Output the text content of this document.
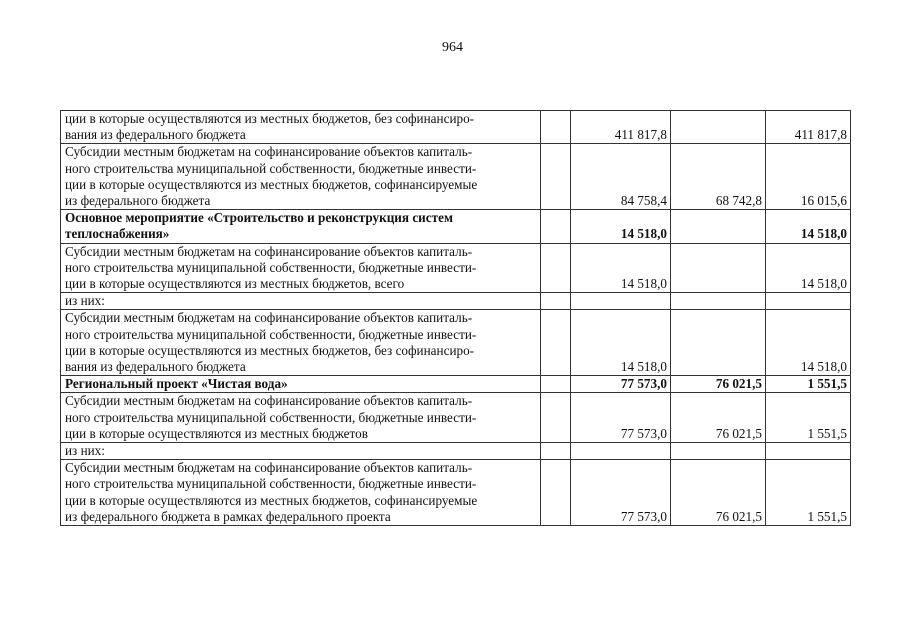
964
ции в которые осуществляются из местных бюджетов, без софинансиро-
вания из федерального бюджета		411 817,8		411 817,8

Субсидии местным бюджетам на софинансирование объектов капиталь-
ного строительства муниципальной собственности, бюджетные инвести-
ции в которые осуществляются из местных бюджетов, софинансируемые
из федерального бюджета		84 758,4	68 742,8	16 015,6

Основное мероприятие «Строительство и реконструкция систем
теплоснабжения»		14 518,0		14 518,0

Субсидии местным бюджетам на софинансирование объектов капиталь-
ного строительства муниципальной собственности, бюджетные инвести-
ции в которые осуществляются из местных бюджетов, всего		14 518,0		14 518,0

из них:				

Субсидии местным бюджетам на софинансирование объектов капиталь-
ного строительства муниципальной собственности, бюджетные инвести-
ции в которые осуществляются из местных бюджетов, без софинансиро-
вания из федерального бюджета		14 518,0		14 518,0

Региональный проект «Чистая вода»		77 573,0	76 021,5	1 551,5

Субсидии местным бюджетам на софинансирование объектов капиталь-
ного строительства муниципальной собственности, бюджетные инвести-
ции в которые осуществляются из местных бюджетов		77 573,0	76 021,5	1 551,5

из них:				

Субсидии местным бюджетам на софинансирование объектов капиталь-
ного строительства муниципальной собственности, бюджетные инвести-
ции в которые осуществляются из местных бюджетов, софинансируемые
из федерального бюджета в рамках федерального проекта		77 573,0	76 021,5	1 551,5
